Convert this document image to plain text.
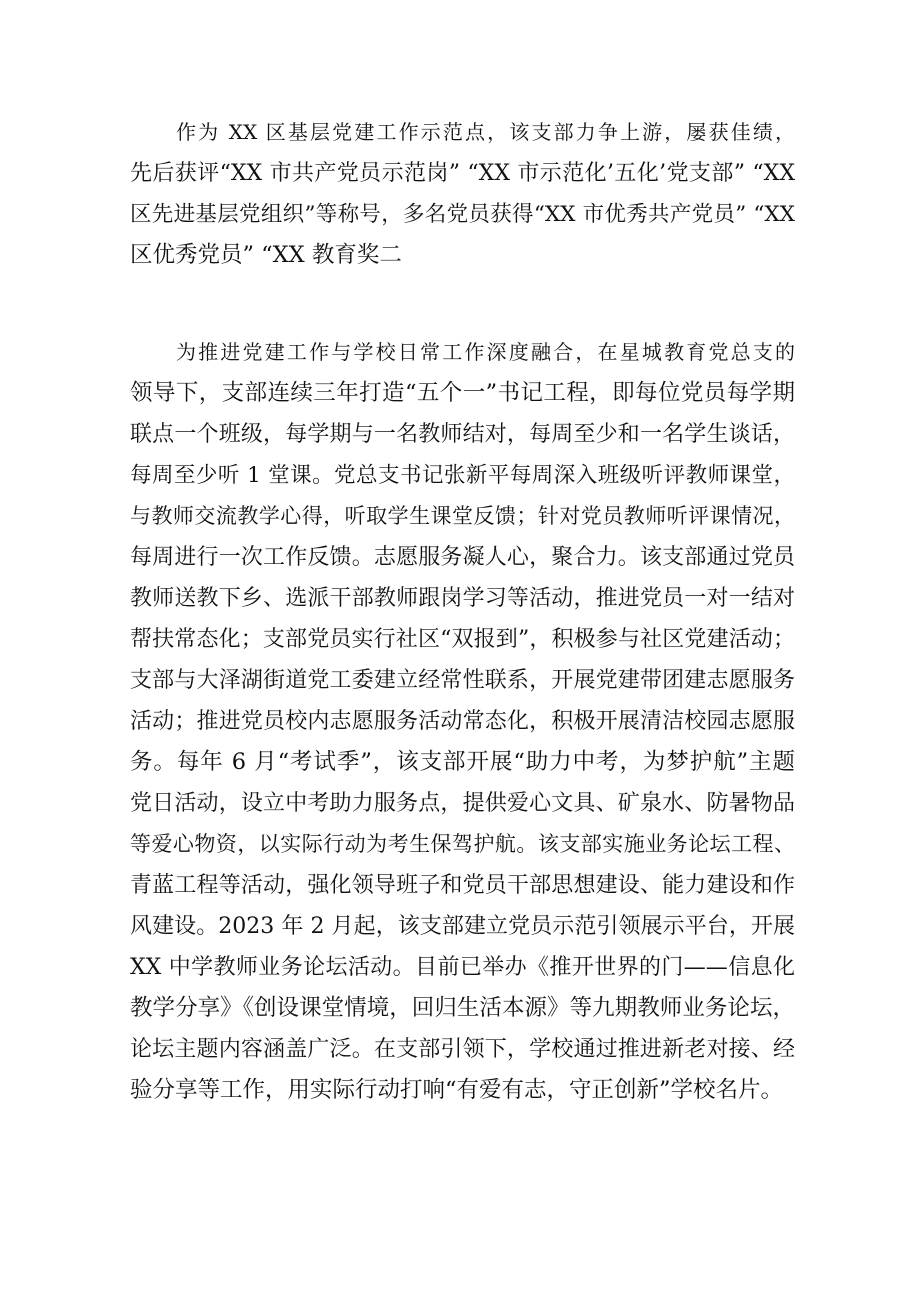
作为 XX 区基层党建工作示范点，该支部力争上游，屡获佳绩，
先后获评“XX 市共产党员示范岗” “XX 市示范化’五化’党支部” “XX
区先进基层党组织”等称号，多名党员获得“XX 市优秀共产党员” “XX
区优秀党员” “XX 教育奖二
为推进党建工作与学校日常工作深度融合，在星城教育党总支的
领导下，支部连续三年打造“五个一”书记工程，即每位党员每学期
联点一个班级，每学期与一名教师结对，每周至少和一名学生谈话，
每周至少听 1 堂课。党总支书记张新平每周深入班级听评教师课堂，
与教师交流教学心得，听取学生课堂反馈；针对党员教师听评课情况，
每周进行一次工作反馈。志愿服务凝人心，聚合力。该支部通过党员
教师送教下乡、选派干部教师跟岗学习等活动，推进党员一对一结对
帮扶常态化；支部党员实行社区“双报到”，积极参与社区党建活动；
支部与大泽湖街道党工委建立经常性联系，开展党建带团建志愿服务
活动；推进党员校内志愿服务活动常态化，积极开展清洁校园志愿服
务。每年 6 月“考试季”，该支部开展“助力中考，为梦护航”主题
党日活动，设立中考助力服务点，提供爱心文具、矿泉水、防暑物品
等爱心物资，以实际行动为考生保驾护航。该支部实施业务论坛工程、
青蓝工程等活动，强化领导班子和党员干部思想建设、能力建设和作
风建设。2023 年 2 月起，该支部建立党员示范引领展示平台，开展
XX 中学教师业务论坛活动。目前已举办《推开世界的门——信息化
教学分享》《创设课堂情境，回归生活本源》等九期教师业务论坛，
论坛主题内容涵盖广泛。在支部引领下，学校通过推进新老对接、经
验分享等工作，用实际行动打响“有爱有志，守正创新”学校名片。
